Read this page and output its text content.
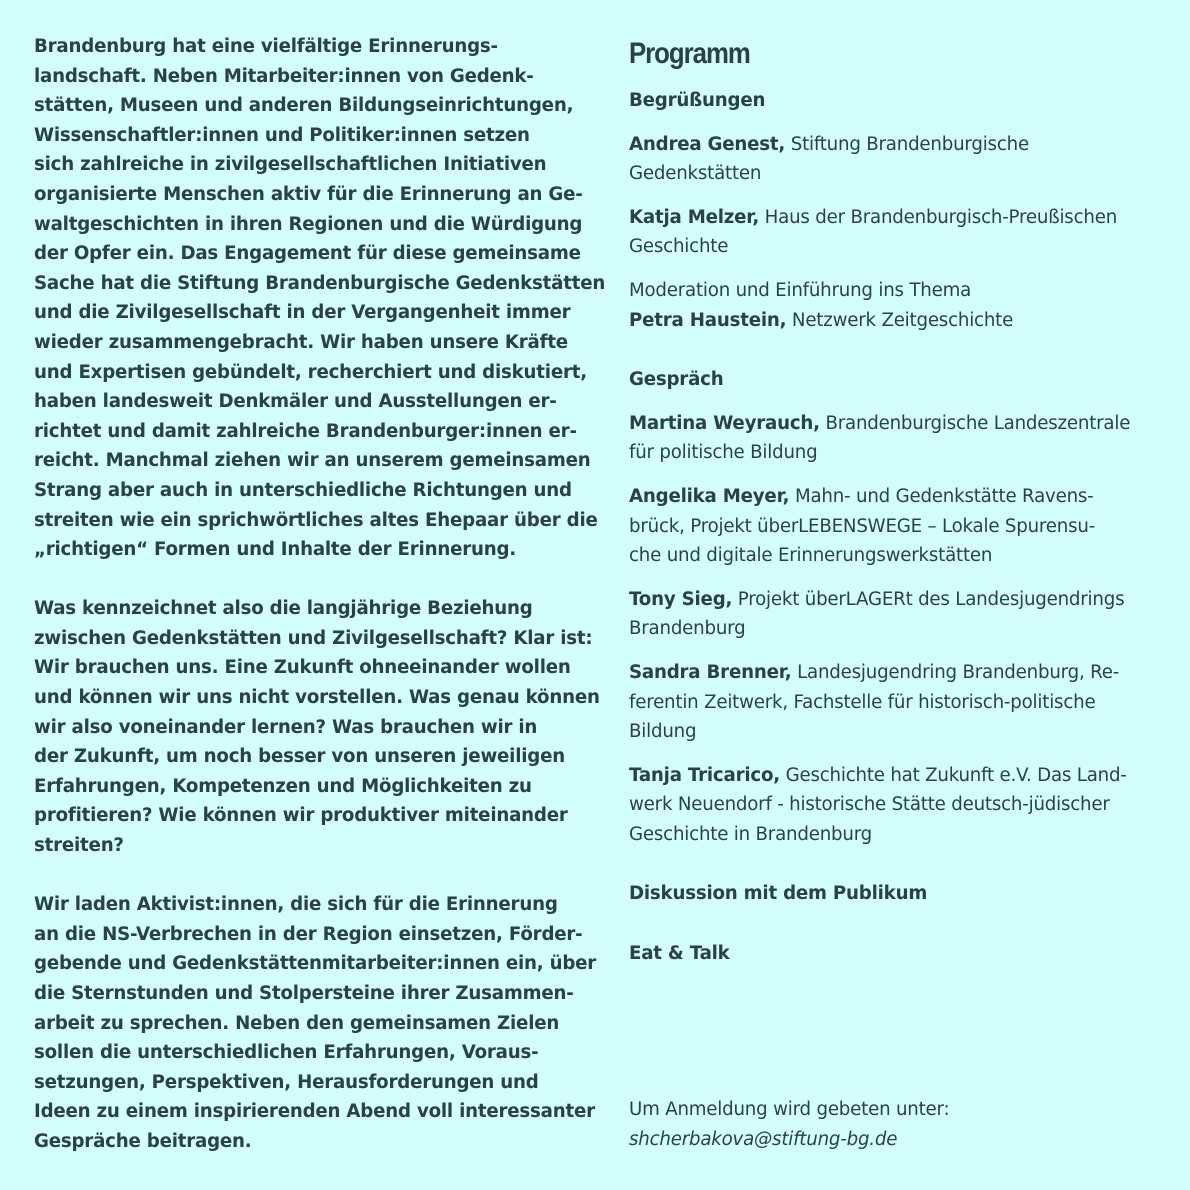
Brandenburg hat eine vielfältige Erinnerungs-
landschaft. Neben Mitarbeiter:innen von Gedenk-
stätten, Museen und anderen Bildungseinrichtungen,
Wissenschaftler:innen und Politiker:innen setzen
sich zahlreiche in zivilgesellschaftlichen Initiativen
organisierte Menschen aktiv für die Erinnerung an Ge-
waltgeschichten in ihren Regionen und die Würdigung
der Opfer ein. Das Engagement für diese gemeinsame
Sache hat die Stiftung Brandenburgische Gedenkstätten
und die Zivilgesellschaft in der Vergangenheit immer
wieder zusammengebracht. Wir haben unsere Kräfte
und Expertisen gebündelt, recherchiert und diskutiert,
haben landesweit Denkmäler und Ausstellungen er-
richtet und damit zahlreiche Brandenburger:innen er-
reicht. Manchmal ziehen wir an unserem gemeinsamen
Strang aber auch in unterschiedliche Richtungen und
streiten wie ein sprichwörtliches altes Ehepaar über die
„richtigen“ Formen und Inhalte der Erinnerung.
Was kennzeichnet also die langjährige Beziehung
zwischen Gedenkstätten und Zivilgesellschaft? Klar ist:
Wir brauchen uns. Eine Zukunft ohneeinander wollen
und können wir uns nicht vorstellen. Was genau können
wir also voneinander lernen? Was brauchen wir in
der Zukunft, um noch besser von unseren jeweiligen
Erfahrungen, Kompetenzen und Möglichkeiten zu
profitieren? Wie können wir produktiver miteinander
streiten?
Wir laden Aktivist:innen, die sich für die Erinnerung
an die NS-Verbrechen in der Region einsetzen, Förder-
gebende und Gedenkstättenmitarbeiter:innen ein, über
die Sternstunden und Stolpersteine ihrer Zusammen-
arbeit zu sprechen. Neben den gemeinsamen Zielen
sollen die unterschiedlichen Erfahrungen, Voraus-
setzungen, Perspektiven, Herausforderungen und
Ideen zu einem inspirierenden Abend voll interessanter
Gespräche beitragen.
Programm
Begrüßungen
Andrea Genest, Stiftung Brandenburgische
Gedenkstätten
Katja Melzer, Haus der Brandenburgisch-Preußischen
Geschichte
Moderation und Einführung ins Thema
Petra Haustein, Netzwerk Zeitgeschichte
Gespräch
Martina Weyrauch, Brandenburgische Landeszentrale
für politische Bildung
Angelika Meyer, Mahn- und Gedenkstätte Ravens-
brück, Projekt überLEBENSWEGE – Lokale Spurensu-
che und digitale Erinnerungswerkstätten
Tony Sieg, Projekt überLAGERt des Landesjugendrings
Brandenburg
Sandra Brenner, Landesjugendring Brandenburg, Re-
ferentin Zeitwerk, Fachstelle für historisch-politische
Bildung
Tanja Tricarico, Geschichte hat Zukunft e.V. Das Land-
werk Neuendorf - historische Stätte deutsch-jüdischer
Geschichte in Brandenburg
Diskussion mit dem Publikum
Eat & Talk
Um Anmeldung wird gebeten unter:
shcherbakova@stiftung-bg.de
